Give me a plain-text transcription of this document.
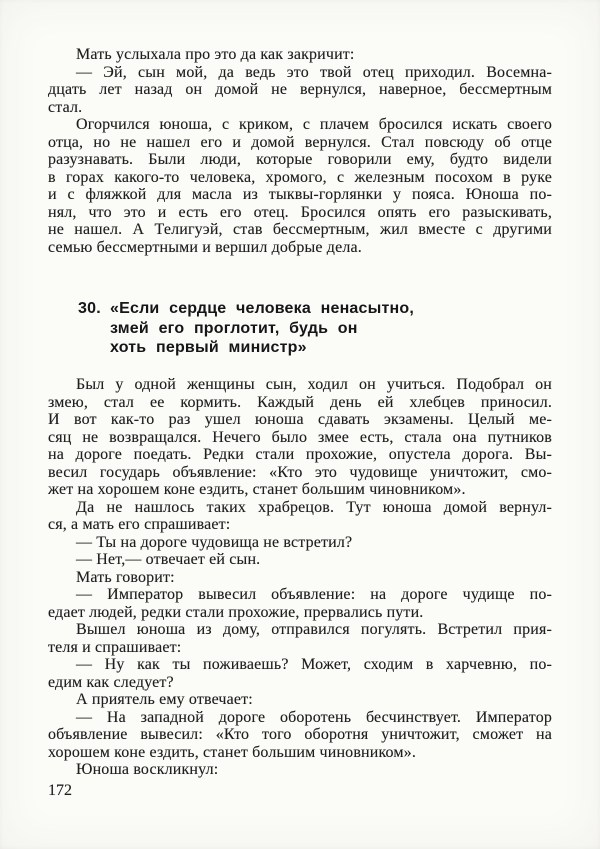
Мать услыхала про это да как закричит:
— Эй, сын мой, да ведь это твой отец приходил. Восемна-
дцать лет назад он домой не вернулся, наверное, бессмертным
стал.
Огорчился юноша, с криком, с плачем бросился искать своего
отца, но не нашел его и домой вернулся. Стал повсюду об отце
разузнавать. Были люди, которые говорили ему, будто видели
в горах какого-то человека, хромого, с железным посохом в руке
и с фляжкой для масла из тыквы-горлянки у пояса. Юноша по-
нял, что это и есть его отец. Бросился опять его разыскивать,
не нашел. А Телигуэй, став бессмертным, жил вместе с другими
семью бессмертными и вершил добрые дела.
30. «Если сердце человека ненасытно,
змей его проглотит, будь он
хоть первый министр»
Был у одной женщины сын, ходил он учиться. Подобрал он
змею, стал ее кормить. Каждый день ей хлебцев приносил.
И вот как-то раз ушел юноша сдавать экзамены. Целый ме-
сяц не возвращался. Нечего было змее есть, стала она путников
на дороге поедать. Редки стали прохожие, опустела дорога. Вы-
весил государь объявление: «Кто это чудовище уничтожит, смо-
жет на хорошем коне ездить, станет большим чиновником».
Да не нашлось таких храбрецов. Тут юноша домой вернул-
ся, а мать его спрашивает:
— Ты на дороге чудовища не встретил?
— Нет,— отвечает ей сын.
Мать говорит:
— Император вывесил объявление: на дороге чудище по-
едает людей, редки стали прохожие, прервались пути.
Вышел юноша из дому, отправился погулять. Встретил прия-
теля и спрашивает:
— Ну как ты поживаешь? Может, сходим в харчевню, по-
едим как следует?
А приятель ему отвечает:
— На западной дороге оборотень бесчинствует. Император
объявление вывесил: «Кто того оборотня уничтожит, сможет на
хорошем коне ездить, станет большим чиновником».
Юноша воскликнул:
172
